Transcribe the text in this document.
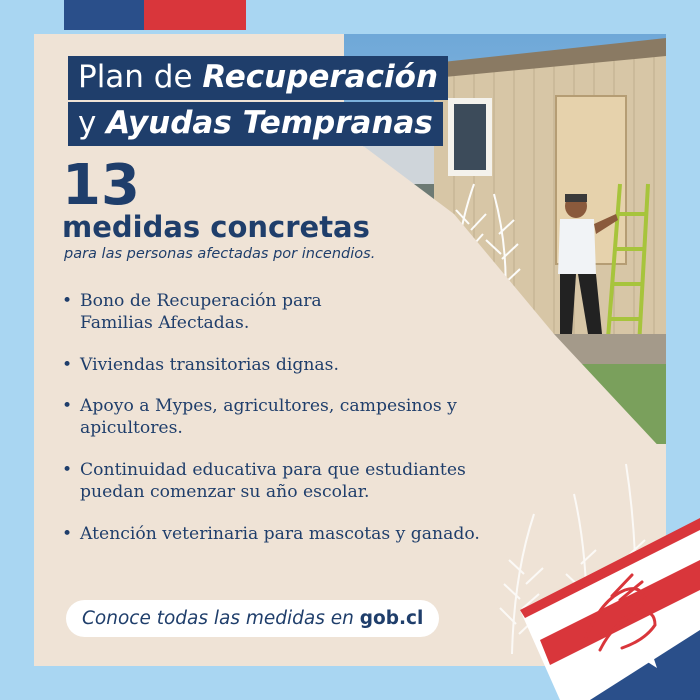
Plan de Recuperación
y Ayudas Tempranas
13
medidas concretas
para las personas afectadas por incendios.
• Bono de Recuperación para
Familias Afectadas.
• Viviendas transitorias dignas.
• Apoyo a Mypes, agricultores, campesinos y
apicultores.
• Continuidad educativa para que estudiantes
puedan comenzar su año escolar.
• Atención veterinaria para mascotas y ganado.
Conoce todas las medidas en gob.cl
